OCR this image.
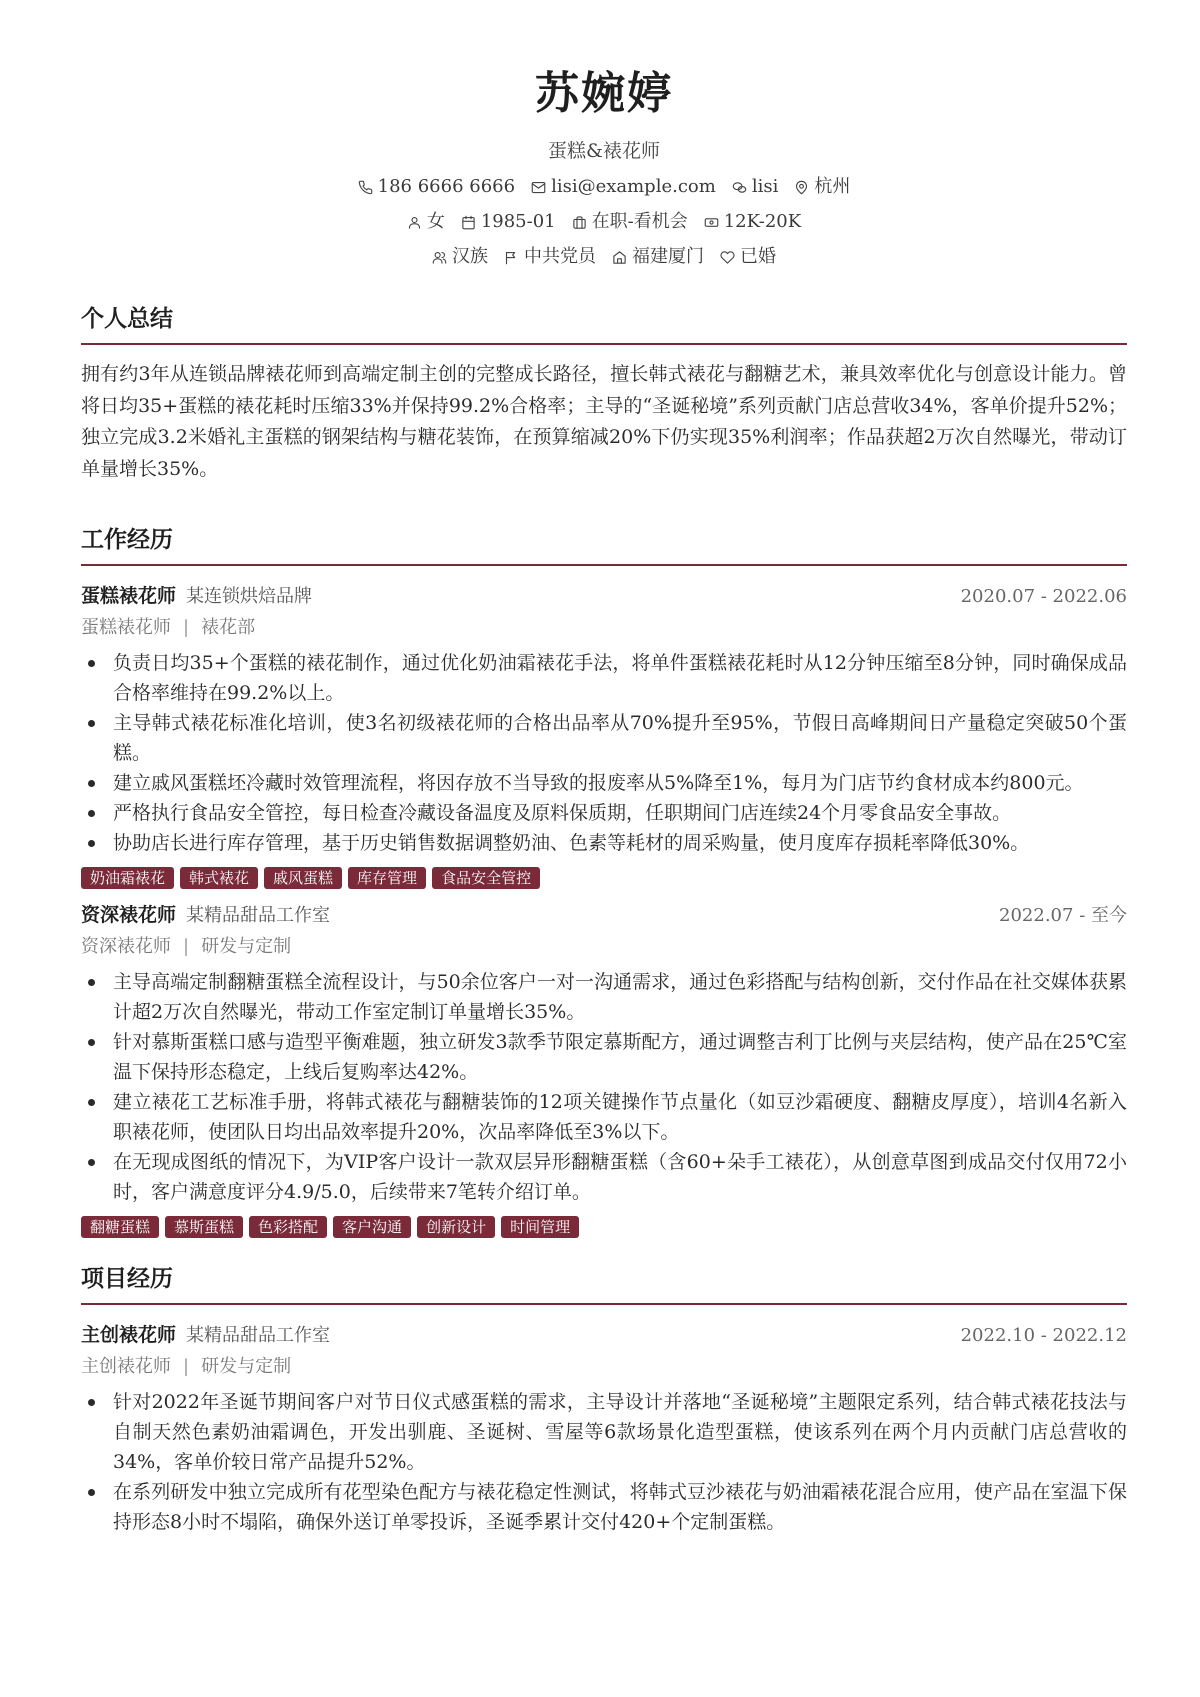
苏婉婷
蛋糕&裱花师
186 6666 6666 lisi@example.com lisi 杭州
女 1985-01 在职-看机会 12K-20K
汉族 中共党员 福建厦门 已婚
个人总结

拥有约3年从连锁品牌裱花师到高端定制主创的完整成长路径，擅长韩式裱花与翻糖艺术，兼具效率优化与创意设计能力。曾将日均35+蛋糕的裱花耗时压缩33%并保持99.2%合格率；主导的“圣诞秘境”系列贡献门店总营收34%，客单价提升52%；独立完成3.2米婚礼主蛋糕的钢架结构与糖花装饰，在预算缩减20%下仍实现35%利润率；作品获超2万次自然曝光，带动订单量增长35%。

工作经历
蛋糕裱花师 某连锁烘焙品牌	2020.07 - 2022.06
蛋糕裱花师 | 裱花部
负责日均35+个蛋糕的裱花制作，通过优化奶油霜裱花手法，将单件蛋糕裱花耗时从12分钟压缩至8分钟，同时确保成品合格率维持在99.2%以上。
主导韩式裱花标准化培训，使3名初级裱花师的合格出品率从70%提升至95%，节假日高峰期间日产量稳定突破50个蛋糕。
建立戚风蛋糕坯冷藏时效管理流程，将因存放不当导致的报废率从5%降至1%，每月为门店节约食材成本约800元。
严格执行食品安全管控，每日检查冷藏设备温度及原料保质期，任职期间门店连续24个月零食品安全事故。
协助店长进行库存管理，基于历史销售数据调整奶油、色素等耗材的周采购量，使月度库存损耗率降低30%。
奶油霜裱花	韩式裱花	戚风蛋糕	库存管理	食品安全管控
资深裱花师 某精品甜品工作室	2022.07 - 至今
资深裱花师 | 研发与定制
主导高端定制翻糖蛋糕全流程设计，与50余位客户一对一沟通需求，通过色彩搭配与结构创新，交付作品在社交媒体获累计超2万次自然曝光，带动工作室定制订单量增长35%。
针对慕斯蛋糕口感与造型平衡难题，独立研发3款季节限定慕斯配方，通过调整吉利丁比例与夹层结构，使产品在25℃室温下保持形态稳定，上线后复购率达42%。
建立裱花工艺标准手册，将韩式裱花与翻糖装饰的12项关键操作节点量化（如豆沙霜硬度、翻糖皮厚度），培训4名新入职裱花师，使团队日均出品效率提升20%，次品率降低至3%以下。
在无现成图纸的情况下，为VIP客户设计一款双层异形翻糖蛋糕（含60+朵手工裱花），从创意草图到成品交付仅用72小时，客户满意度评分4.9/5.0，后续带来7笔转介绍订单。
翻糖蛋糕	慕斯蛋糕	色彩搭配	客户沟通	创新设计	时间管理
项目经历
主创裱花师 某精品甜品工作室	2022.10 - 2022.12
主创裱花师 | 研发与定制
针对2022年圣诞节期间客户对节日仪式感蛋糕的需求，主导设计并落地“圣诞秘境”主题限定系列，结合韩式裱花技法与自制天然色素奶油霜调色，开发出驯鹿、圣诞树、雪屋等6款场景化造型蛋糕，使该系列在两个月内贡献门店总营收的34%，客单价较日常产品提升52%。
在系列研发中独立完成所有花型染色配方与裱花稳定性测试，将韩式豆沙裱花与奶油霜裱花混合应用，使产品在室温下保持形态8小时不塌陷，确保外送订单零投诉，圣诞季累计交付420+个定制蛋糕。
